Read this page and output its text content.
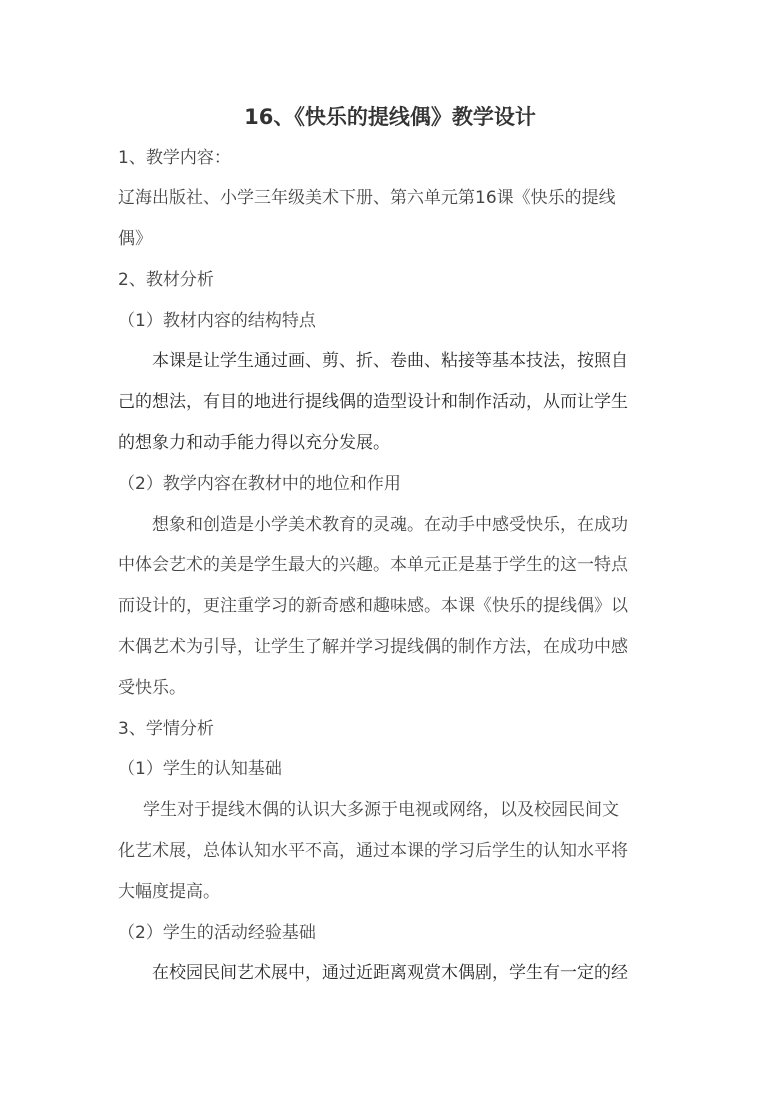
16、《快乐的提线偶》教学设计
1、教学内容：
辽海出版社、小学三年级美术下册、第六单元第16课《快乐的提线
偶》
2、教材分析
（1）教材内容的结构特点
本课是让学生通过画、剪、折、卷曲、粘接等基本技法，按照自
己的想法，有目的地进行提线偶的造型设计和制作活动，从而让学生
的想象力和动手能力得以充分发展。
（2）教学内容在教材中的地位和作用
想象和创造是小学美术教育的灵魂。在动手中感受快乐，在成功
中体会艺术的美是学生最大的兴趣。本单元正是基于学生的这一特点
而设计的，更注重学习的新奇感和趣味感。本课《快乐的提线偶》以
木偶艺术为引导，让学生了解并学习提线偶的制作方法，在成功中感
受快乐。
3、学情分析
（1）学生的认知基础
学生对于提线木偶的认识大多源于电视或网络，以及校园民间文
化艺术展，总体认知水平不高，通过本课的学习后学生的认知水平将
大幅度提高。
（2）学生的活动经验基础
在校园民间艺术展中，通过近距离观赏木偶剧，学生有一定的经
